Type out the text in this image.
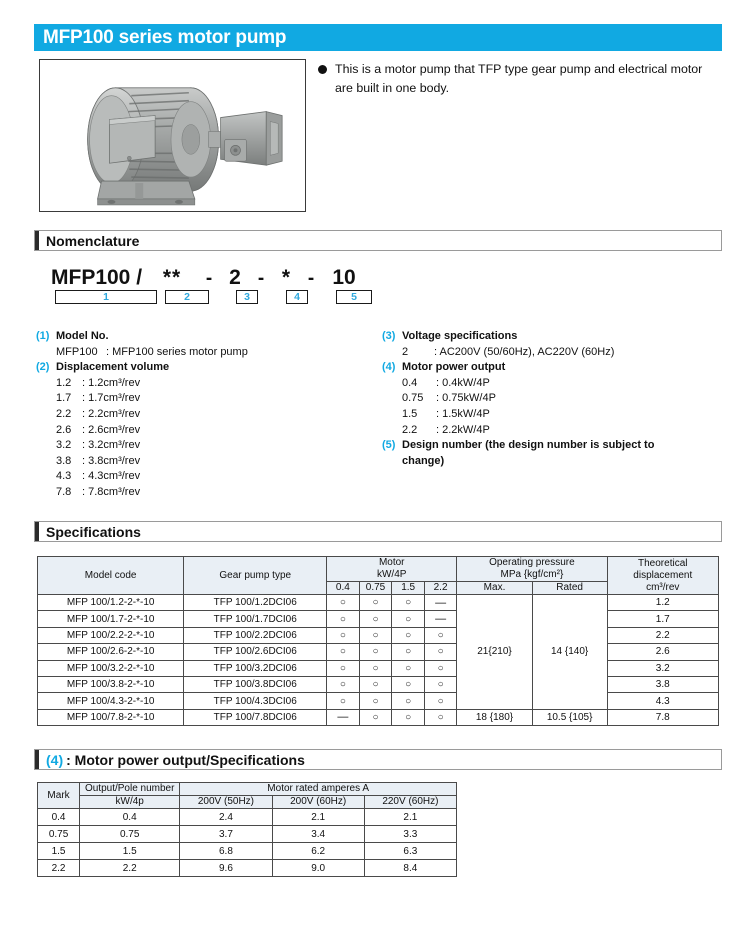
MFP100 series motor pump
This is a motor pump that TFP type gear pump and electrical motor are built in one body.
Nomenclature
MFP100 / **	- 2 - * - 10
1	2	3	4	5
(1) Model No.
MFP100 : MFP100 series motor pump
(2) Displacement volume
1.2 : 1.2cm³/rev
1.7 : 1.7cm³/rev
2.2 : 2.2cm³/rev
2.6 : 2.6cm³/rev
3.2 : 3.2cm³/rev
3.8 : 3.8cm³/rev
4.3 : 4.3cm³/rev
7.8 : 7.8cm³/rev
(3) Voltage specifications
2	: AC200V (50/60Hz), AC220V (60Hz)
(4) Motor power output
0.4	: 0.4kW/4P
0.75	: 0.75kW/4P
1.5	: 1.5kW/4P
2.2	: 2.2kW/4P
(5) Design number (the design number is subject to
change)
Specifications
Model code	Gear pump type	
Motor
kW/4P

Operating pressure
MPa {kgf/cm²}

Theoretical displacement
cm³/rev

		0.4	0.75	1.5	2.2	Max.	Rated	
MFP 100/1.2-2-*-10	TFP 100/1.2DCI06	○	○	○	—	21{210}	14 {140}	1.2
MFP 100/1.7-2-*-10	TFP 100/1.7DCI06	○	○	○	—			1.7
MFP 100/2.2-2-*-10	TFP 100/2.2DCI06	○	○	○	○			2.2
MFP 100/2.6-2-*-10	TFP 100/2.6DCI06	○	○	○	○			2.6
MFP 100/3.2-2-*-10	TFP 100/3.2DCI06	○	○	○	○			3.2
MFP 100/3.8-2-*-10	TFP 100/3.8DCI06	○	○	○	○			3.8
MFP 100/4.3-2-*-10	TFP 100/4.3DCI06	○	○	○	○			4.3
MFP 100/7.8-2-*-10	TFP 100/7.8DCI06	—	○	○	○	18 {180}	10.5 {105}	7.8
(4) : Motor power output/Specifications
Mark	Output/Pole number	Motor rated amperes A		
	kW/4p	200V (50Hz)	200V (60Hz)	220V (60Hz)
0.4	0.4	2.4	2.1	2.1
0.75	0.75	3.7	3.4	3.3
1.5	1.5	6.8	6.2	6.3
2.2	2.2	9.6	9.0	8.4
